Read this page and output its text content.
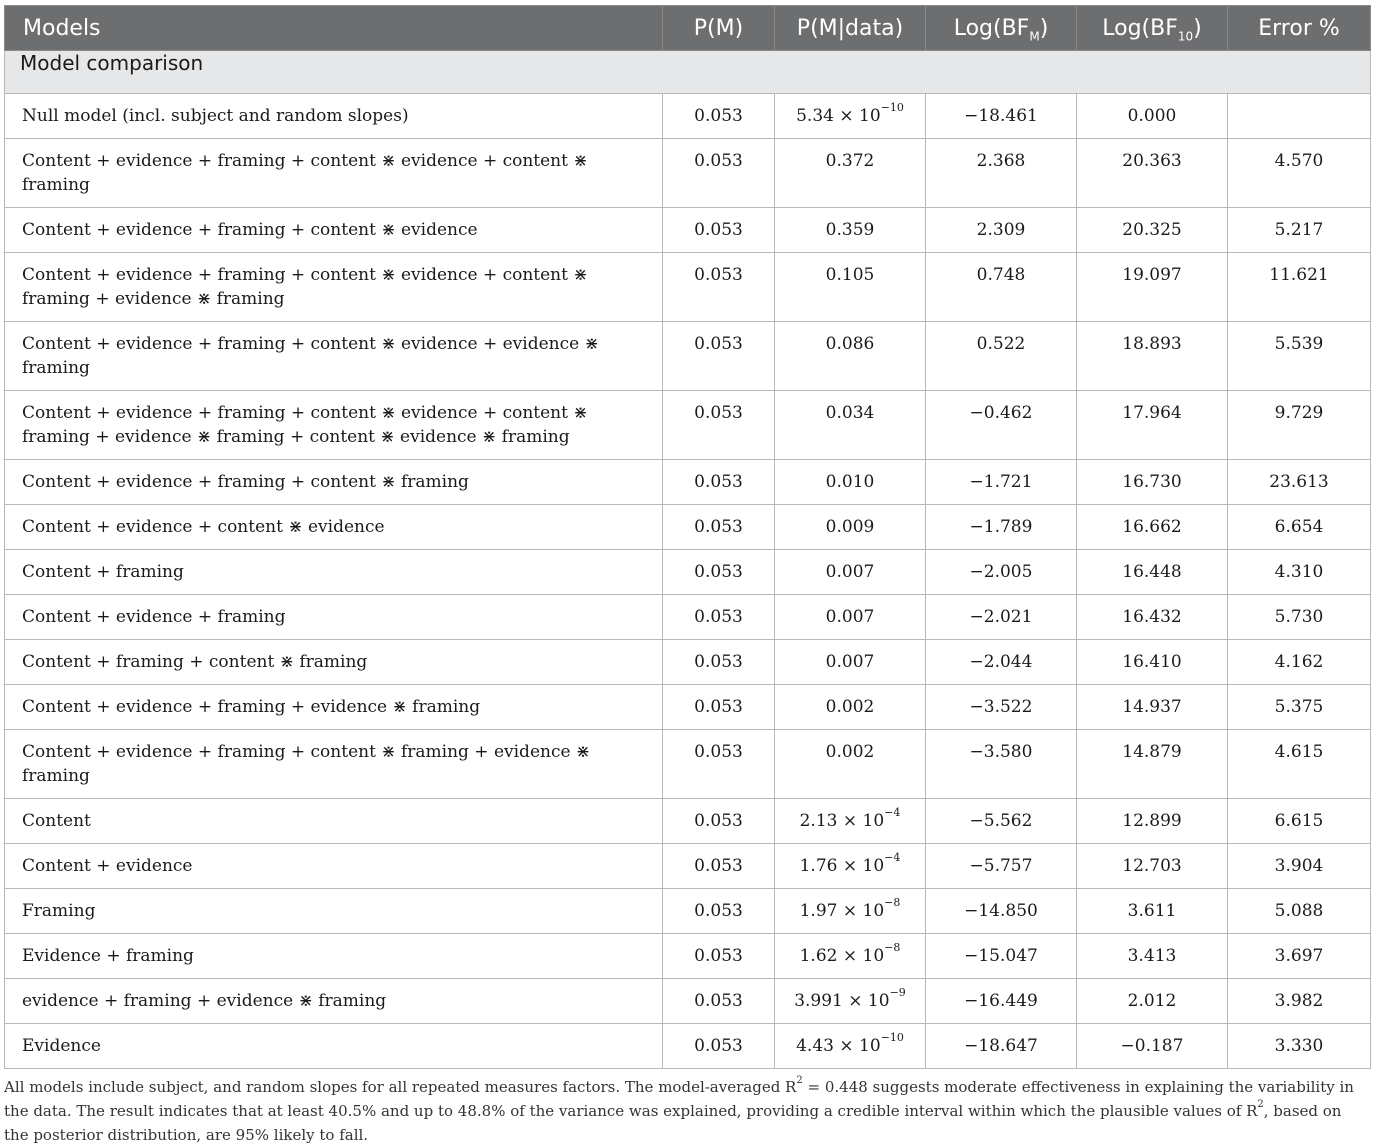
Models	P(M)	P(M|data)	$Log(BF_M)$	$Log(BF_{10})$	Error %
Model comparison					
Null model (incl. subject and random slopes)	0.053	$5.34 \times 10^{-10}$	−18.461	0.000	
Content + evidence + framing + content ⋇ evidence + content ⋇ framing	0.053	0.372	2.368	20.363	4.570
Content + evidence + framing + content ⋇ evidence	0.053	0.359	2.309	20.325	5.217
Content + evidence + framing + content ⋇ evidence + content ⋇ framing + evidence ⋇ framing	0.053	0.105	0.748	19.097	11.621
Content + evidence + framing + content ⋇ evidence + evidence ⋇ framing	0.053	0.086	0.522	18.893	5.539
Content + evidence + framing + content ⋇ evidence + content ⋇ framing + evidence ⋇ framing + content ⋇ evidence ⋇ framing	0.053	0.034	−0.462	17.964	9.729
Content + evidence + framing + content ⋇ framing	0.053	0.010	−1.721	16.730	23.613
Content + evidence + content ⋇ evidence	0.053	0.009	−1.789	16.662	6.654
Content + framing	0.053	0.007	−2.005	16.448	4.310
Content + evidence + framing	0.053	0.007	−2.021	16.432	5.730
Content + framing + content ⋇ framing	0.053	0.007	−2.044	16.410	4.162
Content + evidence + framing + evidence ⋇ framing	0.053	0.002	−3.522	14.937	5.375
Content + evidence + framing + content ⋇ framing + evidence ⋇ framing	0.053	0.002	−3.580	14.879	4.615
Content	0.053	$2.13 \times 10^{-4}$	−5.562	12.899	6.615
Content + evidence	0.053	$1.76 \times 10^{-4}$	−5.757	12.703	3.904
Framing	0.053	$1.97 \times 10^{-8}$	−14.850	3.611	5.088
Evidence + framing	0.053	$1.62 \times 10^{-8}$	−15.047	3.413	3.697
evidence + framing + evidence ⋇ framing	0.053	$3.991 \times 10^{-9}$	−16.449	2.012	3.982
Evidence	0.053	$4.43 \times 10^{-10}$	−18.647	−0.187	3.330
All models include subject, and random slopes for all repeated measures factors. The model-averaged $R^2 = 0.448$ suggests moderate effectiveness in explaining the variability in the data. The result indicates that at least 40.5% and up to 48.8% of the variance was explained, providing a credible interval within which the plausible values of $R^2$, based on the posterior distribution, are 95% likely to fall.
